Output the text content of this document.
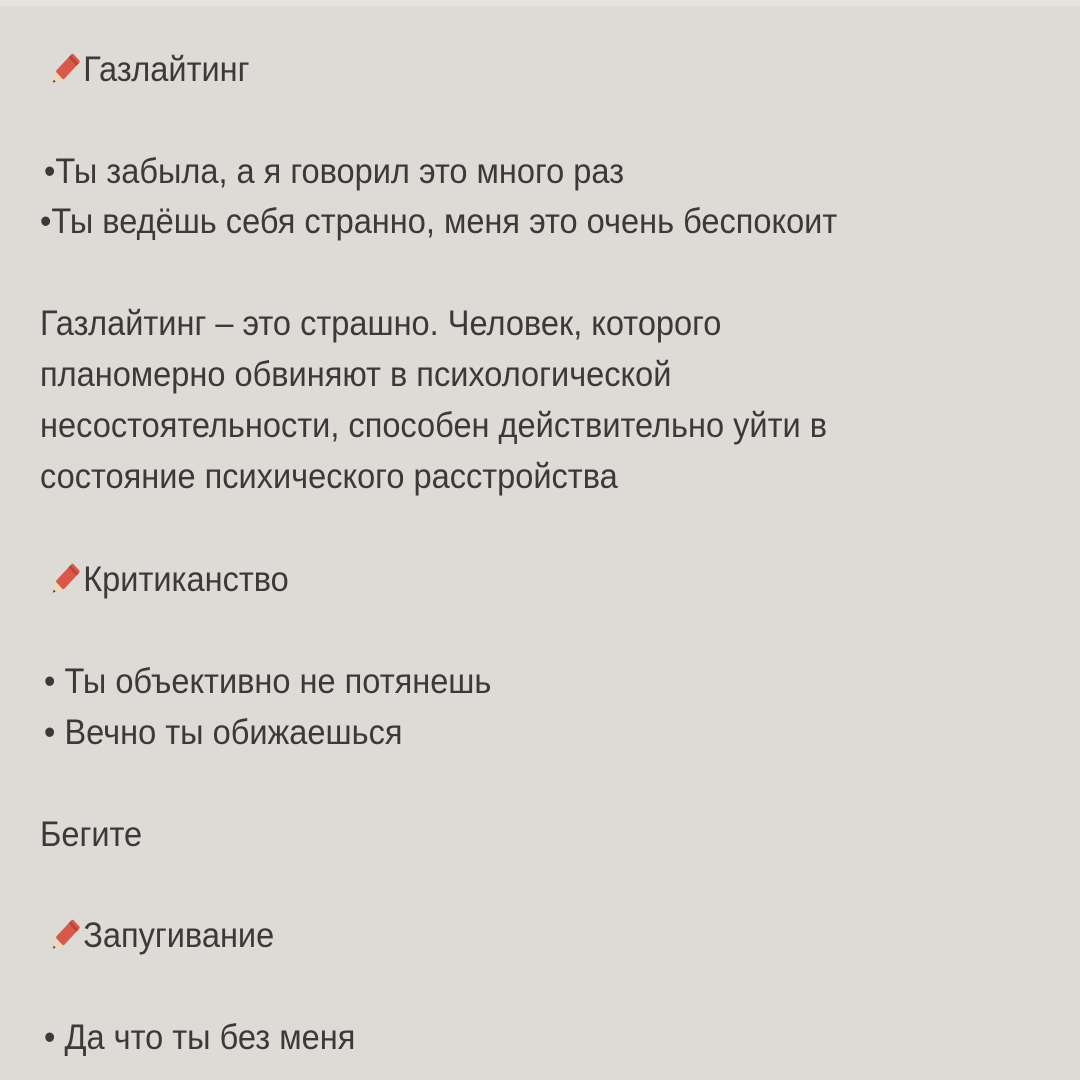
Газлайтинг
•Ты забыла, а я говорил это много раз
•Ты ведёшь себя странно, меня это очень беспокоит
Газлайтинг – это страшно. Человек, которого
планомерно обвиняют в психологической
несостоятельности, способен действительно уйти в
состояние психического расстройства
Критиканство
• Ты объективно не потянешь
• Вечно ты обижаешься
Бегите
Запугивание
• Да что ты без меня
